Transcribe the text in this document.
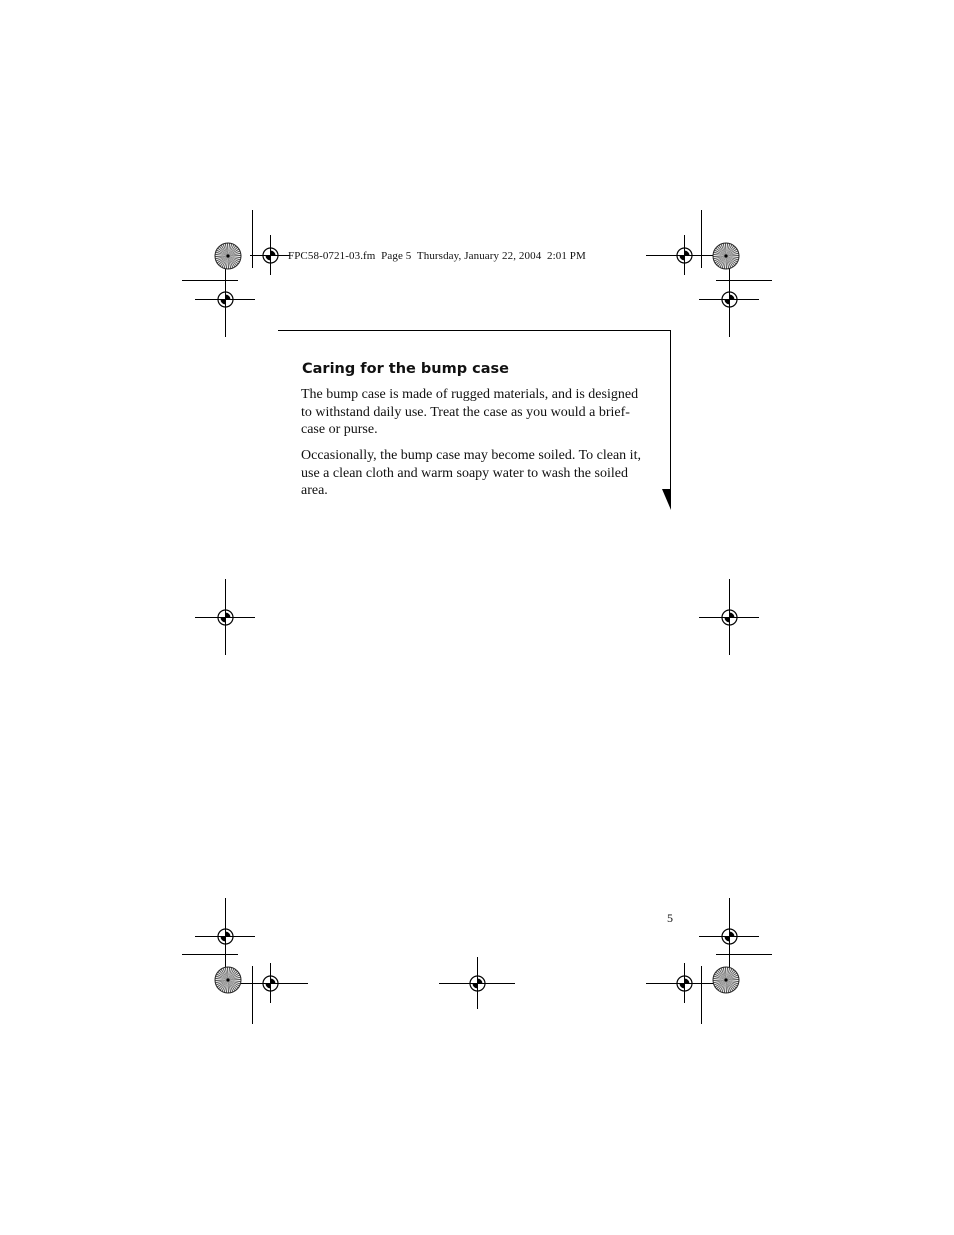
FPC58-0721-03.fm  Page 5  Thursday, January 22, 2004  2:01 PM
Caring for the bump case

The bump case is made of rugged materials, and is designed
to withstand daily use. Treat the case as you would a brief-
case or purse.

Occasionally, the bump case may become soiled. To clean it,
use a clean cloth and warm soapy water to wash the soiled
area.

5
